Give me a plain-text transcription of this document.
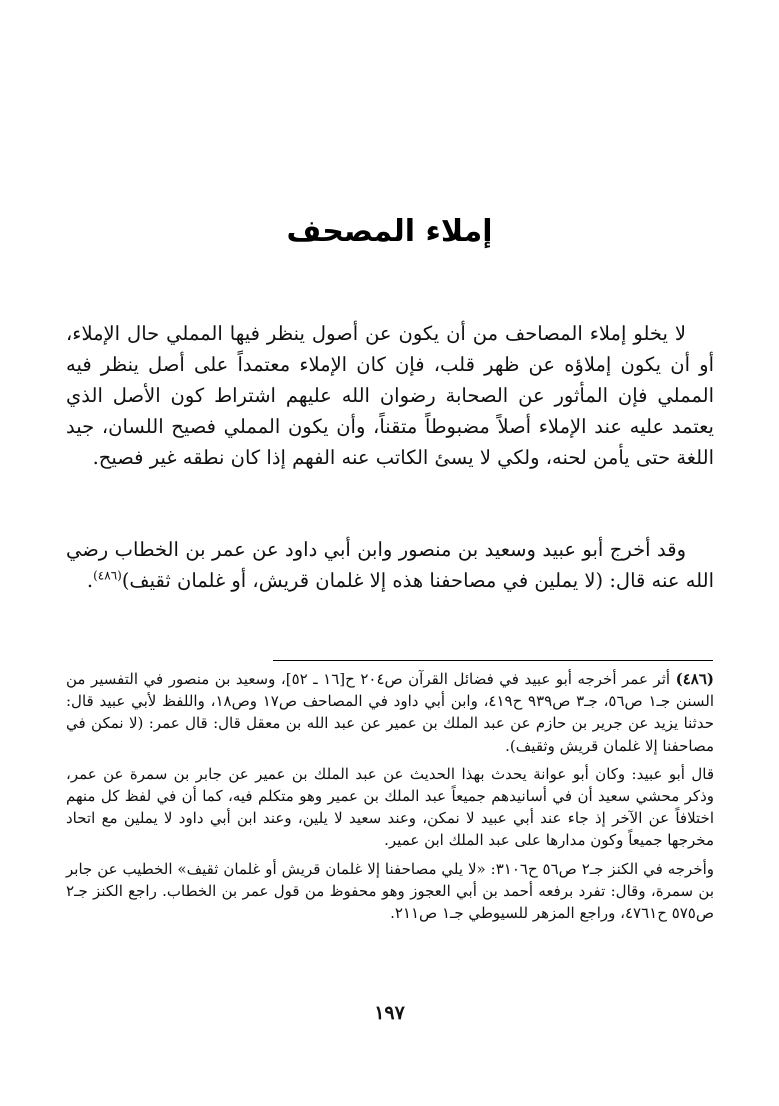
إملاء المصحف
لا يخلو إملاء المصاحف من أن يكون عن أصول ينظر فيها المملي حال الإملاء، أو أن يكون إملاؤه عن ظهر قلب، فإن كان الإملاء معتمداً على أصل ينظر فيه المملي فإن المأثور عن الصحابة رضوان الله عليهم اشتراط كون الأصل الذي يعتمد عليه عند الإملاء أصلاً مضبوطاً متقناً، وأن يكون المملي فصيح اللسان، جيد اللغة حتى يأمن لحنه، ولكي لا يسئ الكاتب عنه الفهم إذا كان نطقه غير فصيح.
وقد أخرج أبو عبيد وسعيد بن منصور وابن أبي داود عن عمر بن الخطاب رضي الله عنه قال: (لا يملين في مصاحفنا هذه إلا غلمان قريش، أو غلمان ثقيف)$^{(٤٨٦)}$.
( ٤٨٦ ) أثر عمر أخرجه أبو عبيد في فضائل القرآن ص٢٠٤ ح[١٦ ـ ٥٢]، وسعيد بن منصور في التفسير من السنن جـ١ ص٥٦، جـ٣ ص٩٣٩ ح٤١٩، وابن أبي داود في المصاحف ص١٧ وص١٨، واللفظ لأبي عبيد قال: حدثنا يزيد عن جرير بن حازم عن عبد الملك بن عمير عن عبد الله بن معقل قال: قال عمر: (لا نمكن في مصاحفنا إلا غلمان قريش وثقيف).
قال أبو عبيد: وكان أبو عوانة يحدث بهذا الحديث عن عبد الملك بن عمير عن جابر بن سمرة عن عمر، وذكر محشي سعيد أن في أسانيدهم جميعاً عبد الملك بن عمير وهو متكلم فيه، كما أن في لفظ كل منهم اختلافاً عن الآخر إذ جاء عند أبي عبيد لا نمكن، وعند سعيد لا يلين، وعند ابن أبي داود لا يملين مع اتحاد مخرجها جميعاً وكون مدارها على عبد الملك ابن عمير.
وأخرجه في الكنز جـ٢ ص٥٦ ح٣١٠٦: «لا يلي مصاحفنا إلا غلمان قريش أو غلمان ثقيف» الخطيب عن جابر بن سمرة، وقال: تفرد برفعه أحمد بن أبي العجوز وهو محفوظ من قول عمر بن الخطاب. راجع الكنز جـ٢ ص٥٧٥ ح٤٧٦١، وراجع المزهر للسيوطي جـ١ ص٢١١.
١٩٧
